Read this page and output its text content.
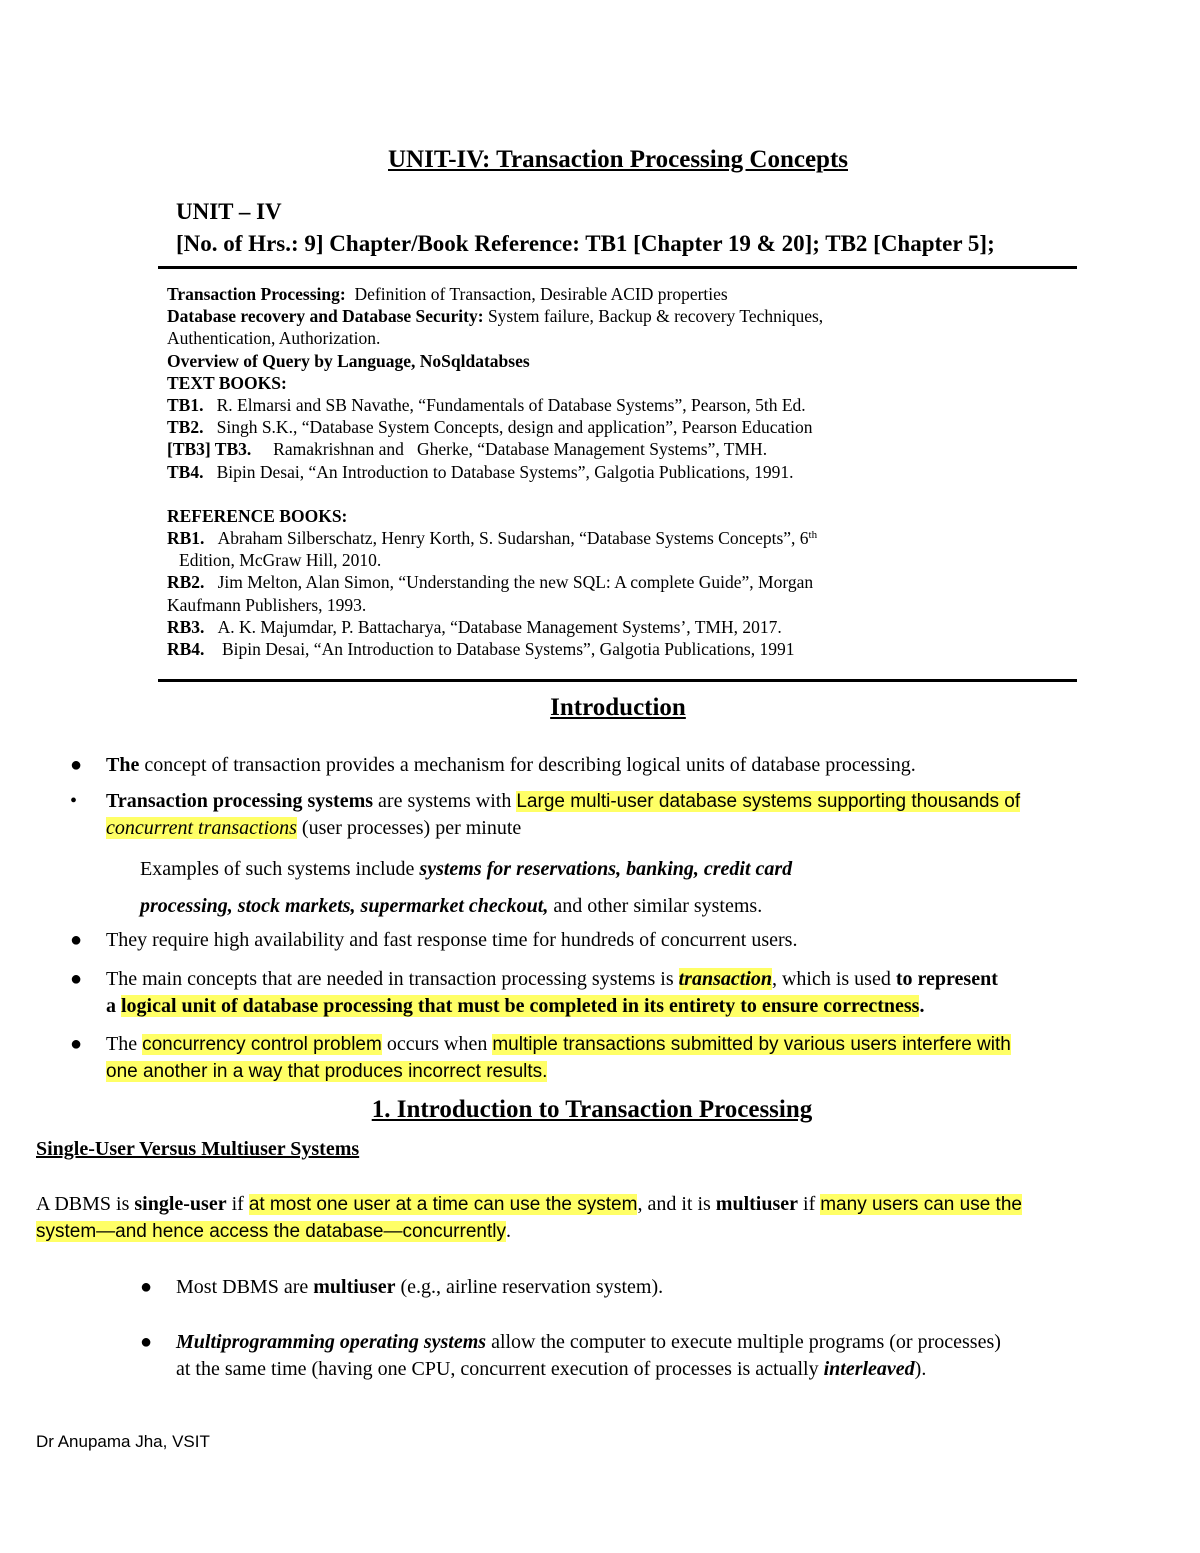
UNIT-IV: Transaction Processing Concepts
UNIT – IV
[No. of Hrs.: 9] Chapter/Book Reference: TB1 [Chapter 19 & 20]; TB2 [Chapter 5];
Transaction Processing: Definition of Transaction, Desirable ACID properties
Database recovery and Database Security: System failure, Backup & recovery Techniques,
Authentication, Authorization.
Overview of Query by Language, NoSqldatabses
TEXT BOOKS:
TB1. R. Elmarsi and SB Navathe, “Fundamentals of Database Systems”, Pearson, 5th Ed.
TB2. Singh S.K., “Database System Concepts, design and application”, Pearson Education
[TB3] TB3. Ramakrishnan and   Gherke, “Database Management Systems”, TMH.
TB4. Bipin Desai, “An Introduction to Database Systems”, Galgotia Publications, 1991.
REFERENCE BOOKS:
RB1. Abraham Silberschatz, Henry Korth, S. Sudarshan, “Database Systems Concepts”, 6th
Edition, McGraw Hill, 2010.
RB2. Jim Melton, Alan Simon, “Understanding the new SQL: A complete Guide”, Morgan
Kaufmann Publishers, 1993.
RB3. A. K. Majumdar, P. Battacharya, “Database Management Systems’, TMH, 2017.
RB4. Bipin Desai, “An Introduction to Database Systems”, Galgotia Publications, 1991
Introduction
● The concept of transaction provides a mechanism for describing logical units of database processing.
• Transaction processing systems are systems with Large multi-user database systems supporting thousands of
concurrent transactions (user processes) per minute
Examples of such systems include systems for reservations, banking, credit card
processing, stock markets, supermarket checkout, and other similar systems.
● They require high availability and fast response time for hundreds of concurrent users.
● The main concepts that are needed in transaction processing systems is transaction, which is used to represent
a logical unit of database processing that must be completed in its entirety to ensure correctness.
● The concurrency control problem occurs when multiple transactions submitted by various users interfere with
one another in a way that produces incorrect results.
1. Introduction to Transaction Processing
Single-User Versus Multiuser Systems
A DBMS is single-user if at most one user at a time can use the system, and it is multiuser if many users can use the
system—and hence access the database—concurrently.
● Most DBMS are multiuser (e.g., airline reservation system).
● Multiprogramming operating systems allow the computer to execute multiple programs (or processes)
at the same time (having one CPU, concurrent execution of processes is actually interleaved).
Dr Anupama Jha, VSIT
